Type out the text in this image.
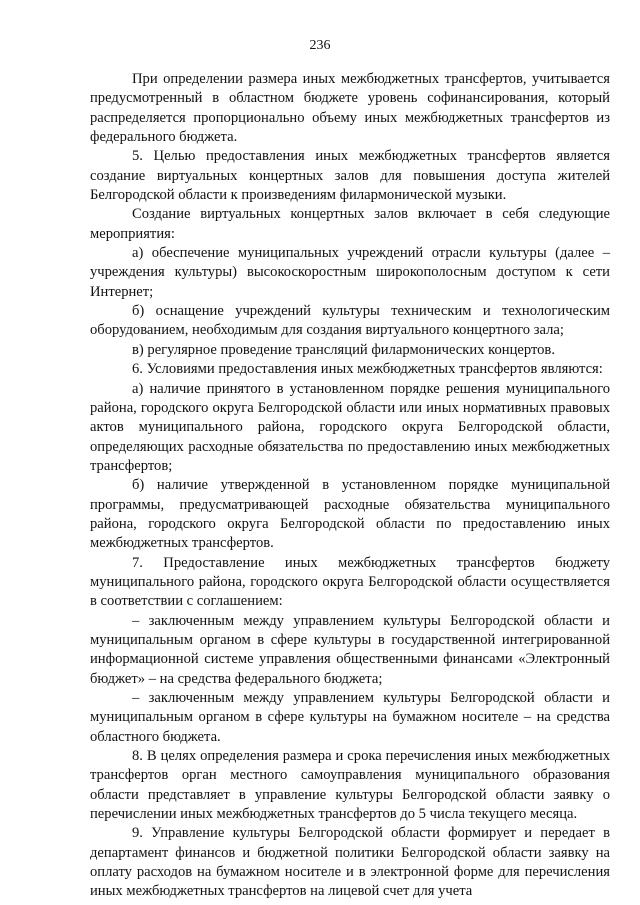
236

При определении размера иных межбюджетных трансфертов, учитывается предусмотренный в областном бюджете уровень софинансирования, который распределяется пропорционально объему иных межбюджетных трансфертов из федерального бюджета.

5. Целью предоставления иных межбюджетных трансфертов является создание виртуальных концертных залов для повышения доступа жителей Белгородской области к произведениям филармонической музыки.

Создание виртуальных концертных залов включает в себя следующие мероприятия:

а) обеспечение муниципальных учреждений отрасли культуры (далее – учреждения культуры) высокоскоростным широкополосным доступом к сети Интернет;

б) оснащение учреждений культуры техническим и технологическим оборудованием, необходимым для создания виртуального концертного зала;

в) регулярное проведение трансляций филармонических концертов.

6. Условиями предоставления иных межбюджетных трансфертов являются:

а) наличие принятого в установленном порядке решения муниципального района, городского округа Белгородской области или иных нормативных правовых актов муниципального района, городского округа Белгородской области, определяющих расходные обязательства по предоставлению иных межбюджетных трансфертов;

б) наличие утвержденной в установленном порядке муниципальной программы, предусматривающей расходные обязательства муниципального района, городского округа Белгородской области по предоставлению иных межбюджетных трансфертов.

7. Предоставление иных межбюджетных трансфертов бюджету муниципального района, городского округа Белгородской области осуществляется в соответствии с соглашением:

– заключенным между управлением культуры Белгородской области и муниципальным органом в сфере культуры в государственной интегрированной информационной системе управления общественными финансами «Электронный бюджет» – на средства федерального бюджета;

– заключенным между управлением культуры Белгородской области и муниципальным органом в сфере культуры на бумажном носителе – на средства областного бюджета.

8. В целях определения размера и срока перечисления иных межбюджетных трансфертов орган местного самоуправления муниципального образования области представляет в управление культуры Белгородской области заявку о перечислении иных межбюджетных трансфертов до 5 числа текущего месяца.

9. Управление культуры Белгородской области формирует и передает в департамент финансов и бюджетной политики Белгородской области заявку на оплату расходов на бумажном носителе и в электронной форме для перечисления иных межбюджетных трансфертов на лицевой счет для учета
